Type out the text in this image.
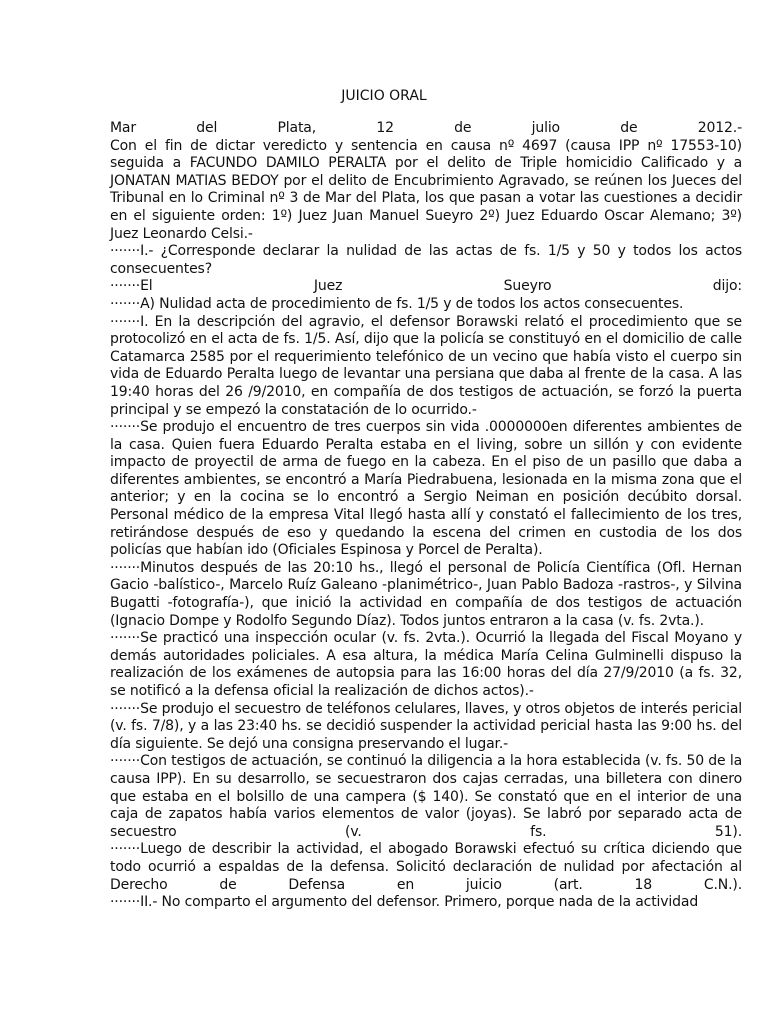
JUICIO ORAL

Mar del Plata, 12 de julio de 2012.-

Con el fin de dictar veredicto y sentencia en causa nº 4697 (causa IPP nº 17553-10) seguida a FACUNDO DAMILO PERALTA por el delito de Triple homicidio Calificado y a JONATAN MATIAS BEDOY por el delito de Encubrimiento Agravado, se reúnen los Jueces del Tribunal en lo Criminal nº 3 de Mar del Plata, los que pasan a votar las cuestiones a decidir en el siguiente orden: 1º) Juez Juan Manuel Sueyro 2º) Juez Eduardo Oscar Alemano; 3º) Juez Leonardo Celsi.-

·······I.- ¿Corresponde declarar la nulidad de las actas de fs. 1/5 y 50 y todos los actos consecuentes?

·······El Juez Sueyro dijo:

·······A) Nulidad acta de procedimiento de fs. 1/5 y de todos los actos consecuentes.

·······I. En la descripción del agravio, el defensor Borawski relató el procedimiento que se protocolizó en el acta de fs. 1/5. Así, dijo que la policía se constituyó en el domicilio de calle Catamarca 2585 por el requerimiento telefónico de un vecino que había visto el cuerpo sin vida de Eduardo Peralta luego de levantar una persiana que daba al frente de la casa. A las 19:40 horas del 26 /9/2010, en compañía de dos testigos de actuación, se forzó la puerta principal y se empezó la constatación de lo ocurrido.-

·······Se produjo el encuentro de tres cuerpos sin vida .0000000en diferentes ambientes de la casa. Quien fuera Eduardo Peralta estaba en el living, sobre un sillón y con evidente impacto de proyectil de arma de fuego en la cabeza. En el piso de un pasillo que daba a diferentes ambientes, se encontró a María Piedrabuena, lesionada en la misma zona que el anterior; y en la cocina se lo encontró a Sergio Neiman en posición decúbito dorsal. Personal médico de la empresa Vital llegó hasta allí y constató el fallecimiento de los tres, retirándose después de eso y quedando la escena del crimen en custodia de los dos policías que habían ido (Oficiales Espinosa y Porcel de Peralta).

·······Minutos después de las 20:10 hs., llegó el personal de Policía Científica (Ofl. Hernan Gacio -balístico-, Marcelo Ruíz Galeano -planimétrico-, Juan Pablo Badoza -rastros-, y Silvina Bugatti -fotografía-), que inició la actividad en compañía de dos testigos de actuación (Ignacio Dompe y Rodolfo Segundo Díaz). Todos juntos entraron a la casa (v. fs. 2vta.).

·······Se practicó una inspección ocular (v. fs. 2vta.). Ocurrió la llegada del Fiscal Moyano y demás autoridades policiales. A esa altura, la médica María Celina Gulminelli dispuso la realización de los exámenes de autopsia para las 16:00 horas del día 27/9/2010 (a fs. 32, se notificó a la defensa oficial la realización de dichos actos).-

·······Se produjo el secuestro de teléfonos celulares, llaves, y otros objetos de interés pericial (v. fs. 7/8), y a las 23:40 hs. se decidió suspender la actividad pericial hasta las 9:00 hs. del día siguiente. Se dejó una consigna preservando el lugar.-

·······Con testigos de actuación, se continuó la diligencia a la hora establecida (v. fs. 50 de la causa IPP). En su desarrollo, se secuestraron dos cajas cerradas, una billetera con dinero que estaba en el bolsillo de una campera ($ 140). Se constató que en el interior de una caja de zapatos había varios elementos de valor (joyas). Se labró por separado acta de secuestro (v. fs. 51).

·······Luego de describir la actividad, el abogado Borawski efectuó su crítica diciendo que todo ocurrió a espaldas de la defensa. Solicitó declaración de nulidad por afectación al Derecho de Defensa en juicio (art. 18 C.N.).

·······II.- No comparto el argumento del defensor. Primero, porque nada de la actividad
